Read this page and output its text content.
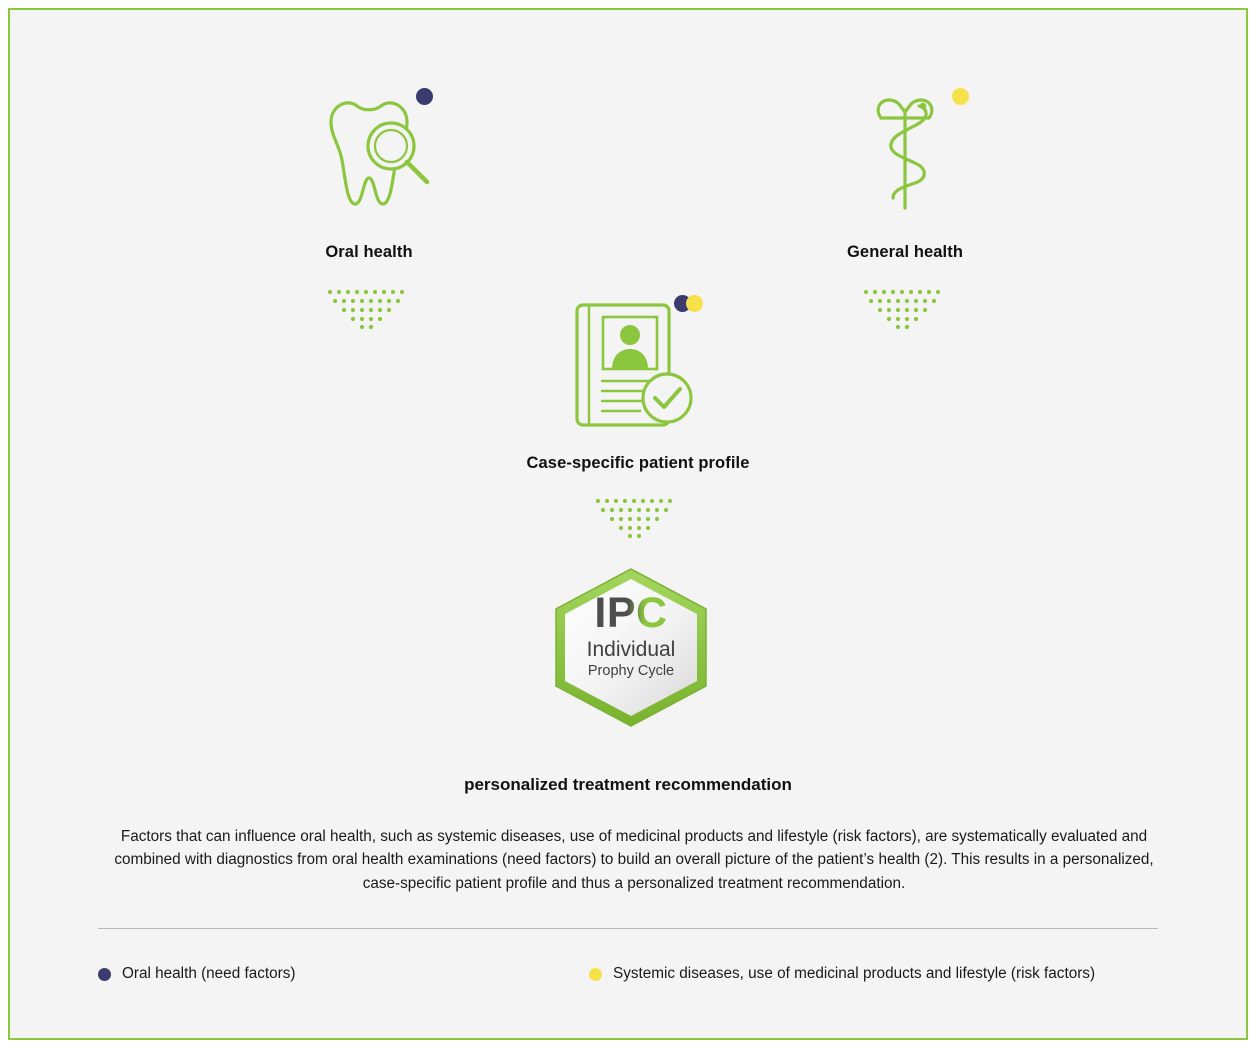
Oral health	General health
Case-specific patient profile
Individual
Prophy Cycle
personalized treatment recommendation
Factors that can influence oral health, such as systemic diseases, use of medicinal products and lifestyle (risk factors), are systematically evaluated and combined with diagnostics from oral health examinations (need factors) to build an overall picture of the patient’s health (2). This results in a personalized, case-specific patient profile and thus a personalized treatment recommendation.
Oral health (need factors)	Systemic diseases, use of medicinal products and lifestyle (risk factors)
